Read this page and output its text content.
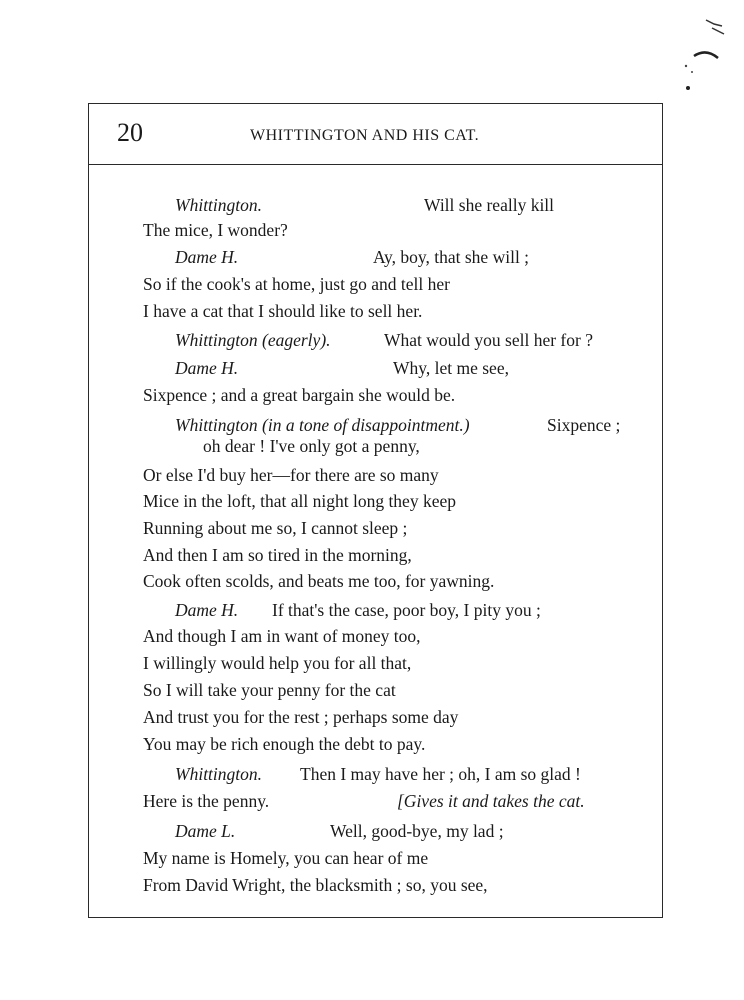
20	WHITTINGTON AND HIS CAT.
Whittington.	Will she really kill
The mice, I wonder?
Dame H.	Ay, boy, that she will ;
So if the cook's at home, just go and tell her
I have a cat that I should like to sell her.
Whittington (eagerly).	What would you sell her for ?
Dame H.	Why, let me see,
Sixpence ; and a great bargain she would be.
Whittington (in a tone of disappointment.)	Sixpence ;
oh dear ! I've only got a penny,
Or else I'd buy her—for there are so many
Mice in the loft, that all night long they keep
Running about me so, I cannot sleep ;
And then I am so tired in the morning,
Cook often scolds, and beats me too, for yawning.
Dame H. If that's the case, poor boy, I pity you ;
And though I am in want of money too,
I willingly would help you for all that,
So I will take your penny for the cat
And trust you for the rest ; perhaps some day
You may be rich enough the debt to pay.
Whittington. Then I may have her ; oh, I am so glad !
Here is the penny.	[Gives it and takes the cat.
Dame L.	Well, good-bye, my lad ;
My name is Homely, you can hear of me
From David Wright, the blacksmith ; so, you see,
